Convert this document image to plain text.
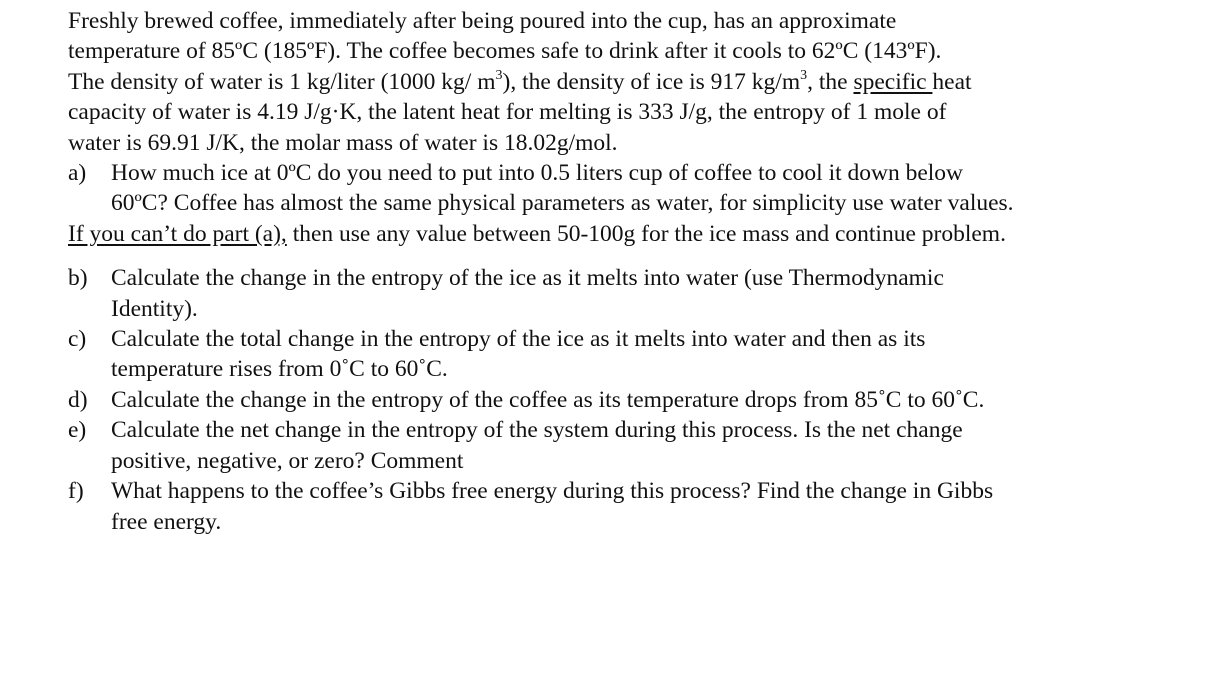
Freshly brewed coffee, immediately after being poured into the cup, has an approximate

temperature of 85ºC (185ºF). The coffee becomes safe to drink after it cools to 62ºC (143ºF).

The density of water is 1 kg/liter (1000 kg/ $m^3$), the density of ice is 917 $kg/m^3$, the specific heat

capacity of water is 4.19 J/g·K, the latent heat for melting is 333 J/g, the entropy of 1 mole of

water is 69.91 J/K, the molar mass of water is 18.02g/mol.

a) How much ice at 0ºC do you need to put into 0.5 liters cup of coffee to cool it down below
60ºC? Coffee has almost the same physical parameters as water, for simplicity use water values.
If you can’t do part (a), then use any value between 50-100g for the ice mass and continue problem.
b) Calculate the change in the entropy of the ice as it melts into water (use Thermodynamic
Identity).
c) Calculate the total change in the entropy of the ice as it melts into water and then as its
temperature rises from 0˚C to 60˚C.
d) Calculate the change in the entropy of the coffee as its temperature drops from 85˚C to 60˚C.
e) Calculate the net change in the entropy of the system during this process. Is the net change
positive, negative, or zero? Comment
f) What happens to the coffee’s Gibbs free energy during this process? Find the change in Gibbs
free energy.
